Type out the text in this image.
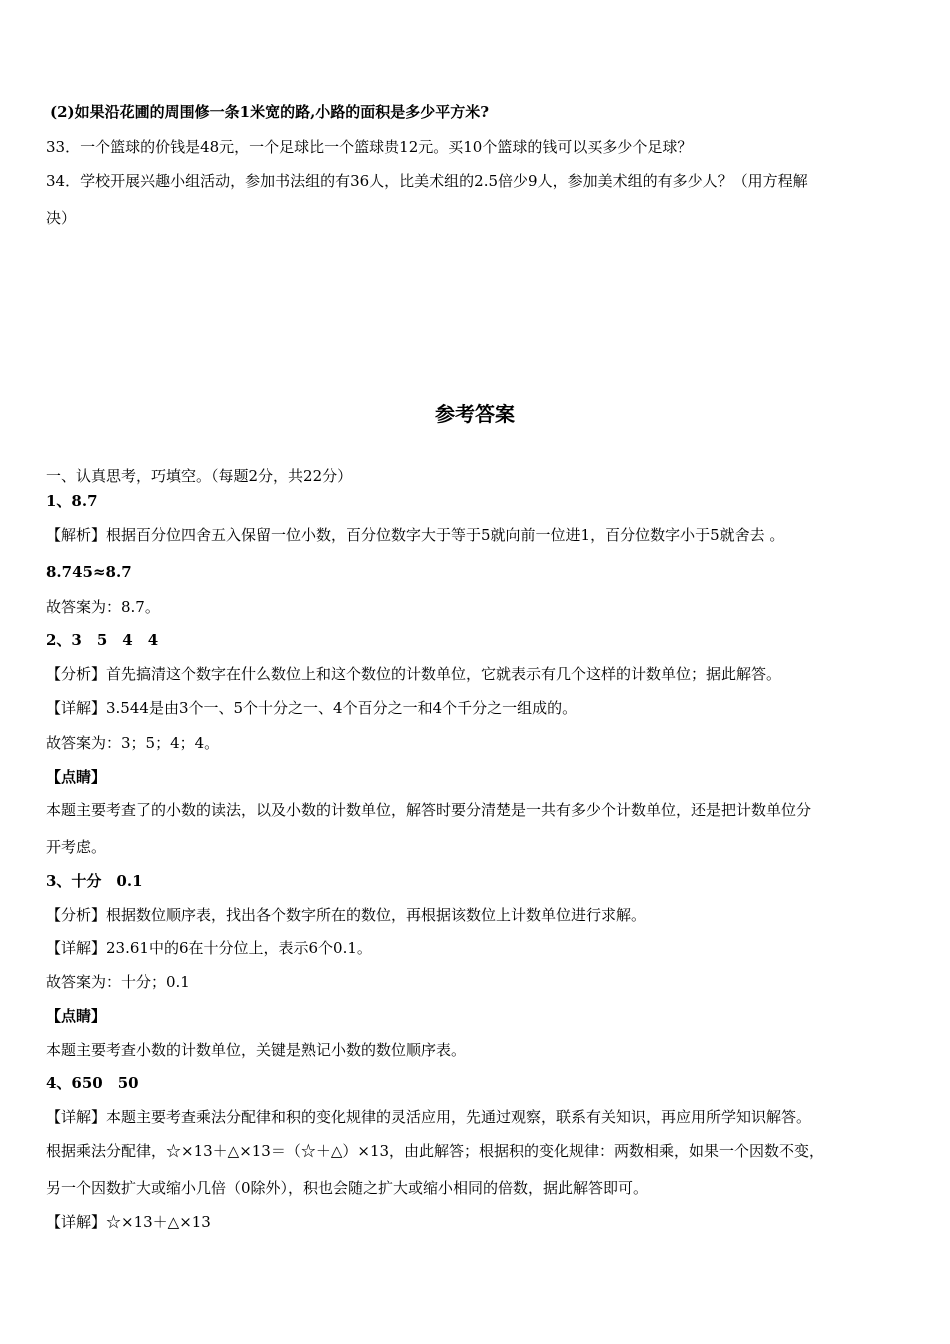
(2)如果沿花圃的周围修一条1米宽的路,小路的面积是多少平方米?
33．一个篮球的价钱是48元，一个足球比一个篮球贵12元。买10个篮球的钱可以买多少个足球？
34．学校开展兴趣小组活动，参加书法组的有36人，比美术组的2.5倍少9人，参加美术组的有多少人？（用方程解
决）
参考答案
一、认真思考，巧填空。（每题2分，共22分）
1、8.7
【解析】根据百分位四舍五入保留一位小数，百分位数字大于等于5就向前一位进1，百分位数字小于5就舍去 。
8.745≈8.7
故答案为：8.7。
2、3　5　4　4
【分析】首先搞清这个数字在什么数位上和这个数位的计数单位，它就表示有几个这样的计数单位；据此解答。
【详解】3.544是由3个一、5个十分之一、4个百分之一和4个千分之一组成的。
故答案为：3；5；4；4。
【点睛】
本题主要考查了的小数的读法，以及小数的计数单位，解答时要分清楚是一共有多少个计数单位，还是把计数单位分
开考虑。
3、十分　0.1
【分析】根据数位顺序表，找出各个数字所在的数位，再根据该数位上计数单位进行求解。
【详解】23.61中的6在十分位上，表示6个0.1。
故答案为：十分；0.1
【点睛】
本题主要考查小数的计数单位，关键是熟记小数的数位顺序表。
4、650　50
【详解】本题主要考查乘法分配律和积的变化规律的灵活应用，先通过观察，联系有关知识，再应用所学知识解答。
根据乘法分配律，☆×13＋△×13＝（☆＋△）×13，由此解答；根据积的变化规律：两数相乘，如果一个因数不变，
另一个因数扩大或缩小几倍（0除外），积也会随之扩大或缩小相同的倍数，据此解答即可。
【详解】☆×13＋△×13
